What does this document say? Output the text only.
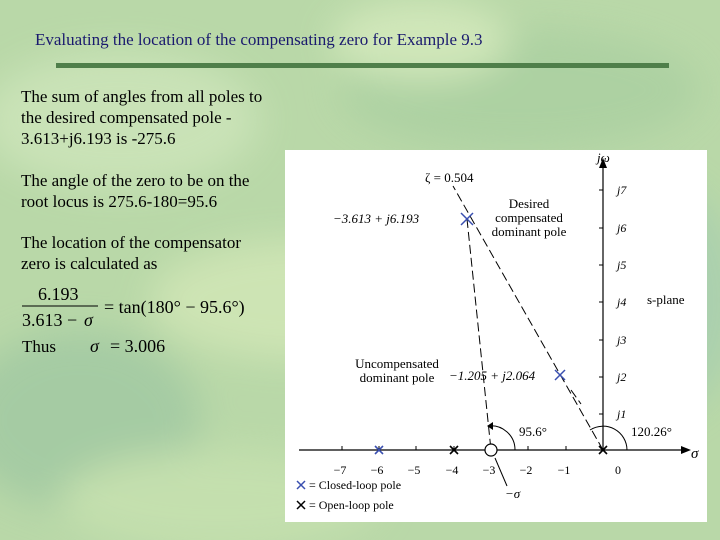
Evaluating the location of the compensating zero for Example 9.3
The sum of angles from all poles to
the desired compensated pole -
3.613+j6.193 is -275.6
The angle of the zero to be on the
root locus is 275.6-180=95.6
The location of the compensator
zero is calculated as
6.193
3.613 − σ
= tan(180° − 95.6°)
Thus σ = 3.006
jω
σ
s-plane
−7 −6 −5 −4 −3 −2 −1	0
j1
j2
j3
j4
j5
j6
j7
ζ = 0.504
95.6°	120.26°
−3.613 + j6.193
Desired
compensated
dominant pole
−1.205 + j2.064
Uncompensated
dominant pole
−σ
= Closed-loop pole
= Open-loop pole
